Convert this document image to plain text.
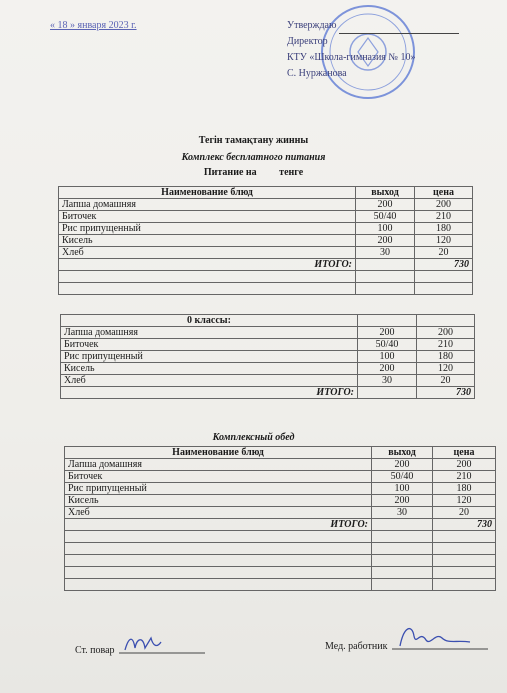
« 18 » января 2023 г.	Утверждаю
Директор
КТУ «Школа-гимназия № 10»
С. Нуржанова
Тегін тамақтану жинны
Комплекс бесплатного питания
Питание на тенге
Наименование блюд	выход	цена
Лапша домашняя	200	200
Биточек	50/40	210
Рис припущенный	100	180
Кисель	200	120
Хлеб	30	20
ИТОГО:		730

0 классы:		
Лапша домашняя	200	200
Биточек	50/40	210
Рис припущенный	100	180
Кисель	200	120
Хлеб	30	20
ИТОГО:		730
Комплексный обед
Наименование блюд	выход	цена
Лапша домашняя	200	200
Биточек	50/40	210
Рис припущенный	100	180
Кисель	200	120
Хлеб	30	20
ИТОГО:		730

Ст. повар	Мед. работник
